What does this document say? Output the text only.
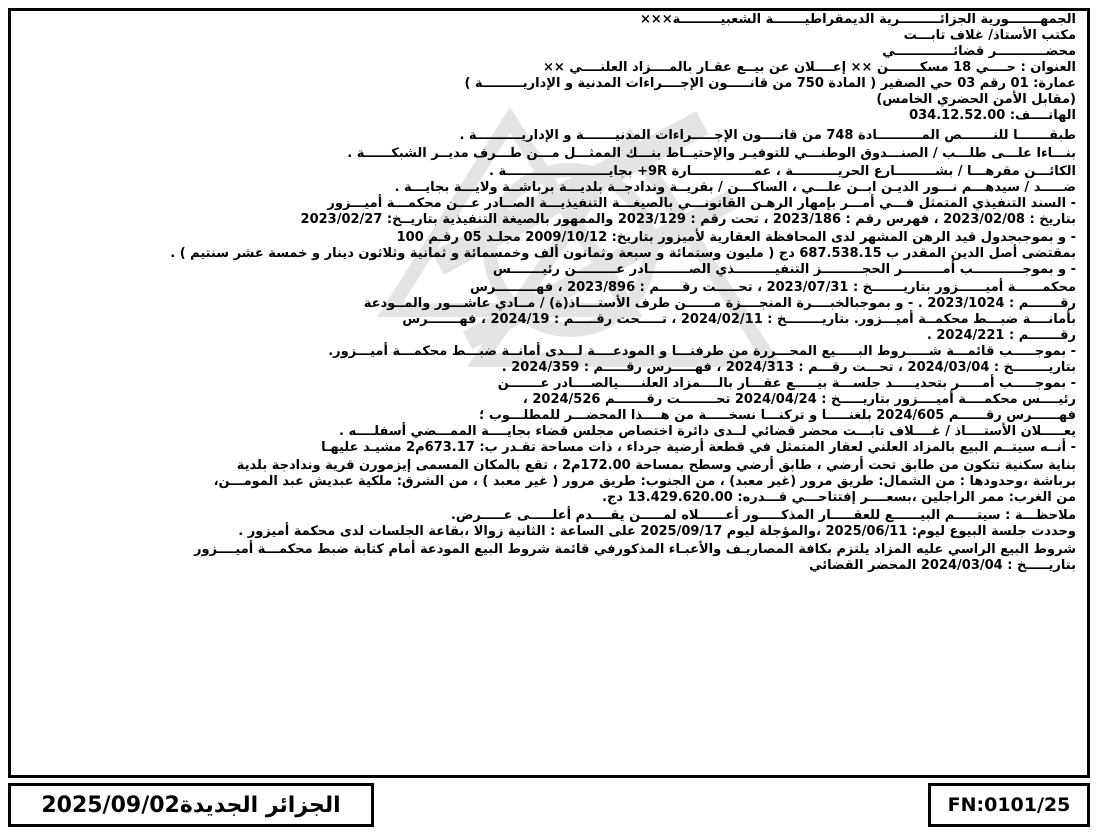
الجمهـــــــورية الجزائـــــــــرية الديمقراطيـــــــة الشعبيـــــــــة×××
مكتب الأستاذ/ غلاف تابـــت
محضـــــــــــر قضائـــــــــــــي
العنوان : حــــي 18 مسكـــــــن ×× إعــــلان عن بيــع عقـار بالمــــزاد العلنــــي ××
عمارة: 01 رقم 03 حي الصفير ( المادة 750 من قانـــــون الإجــــراءات المدنية و الإداريـــــــــة )
(مقابل الأمن الحضري الخامس)
الهاتــــف: 034.12.52.00
طبقـــــــا للنـــــــص المــــــــــادة 748 من قانــــون الإجـــــراءات المدنيـــــــة و الإداريــــــــــة .
بنـــاءا علـــى طلـــب / الصنـــدوق الوطنـــي للتوفيـر والإحتيــاط بنـــك الممثـــل مـــن طـــرف مديــر الشبكــــــة .
الكائـــن مقرهـــا / بشـــــــــارع الحريــــــــــة ، عمــــــــــــــارة 9R+ بجايـــــــــــــــــــــــة .
ضـــــد / سيدهـــم نـــور الديـن ابــن علـــي ، الساكـــن / بقريــة وندادجــة بلديـــة برباشــة ولايـــة بجايـــة .
- السند التنفيذي المتمثل فـــي أمـــر بإمهار الرهـن القانونـــي بالصيغـــة التنفيذيـــة الصــادر عـــن محكمـــة أميـــزور
بتاريخ : 2023/02/08 ، فهرس رقم : 2023/186 ، تحت رقم : 2023/129 والممهور بالصيغة التنفيذية بتاريــخ: 2023/02/27
- و بموجبجدول قيد الرهن المشهر لدى المحافظة العقارية لأميزور بتاريخ: 2009/10/12 مجلـد 05 رقـم 100
بمقتضى أصل الدين المقدر ب 687.538.15 دج ( مليون وستمائة و سبعة وثمانون ألف وخمسمائة و ثمانية وثلاثون دينار و خمسة عشر سنتيم ) .
- و بموجـــــــــــب أمـــــــــر الحجـــــــــز التنفيـــــــــذي الصـــــــــادر عـــــــــن رئيـــــــس
محكمــــــة أميــــــزور بتاريـــــــخ : 2023/07/31 ، تحـــــت رقـــــم : 2023/896 ، فهـــــــــرس
رقـــــــم : 2023/1024 . - و بموجبالخبــــرة المنجــــزة مــــــن طرف الأستــــاذ(ة) / مــادي عاشـــور والمــودعة
بأمانــــة ضبـــط محكمــة أميـــزور. بتاريــــــــخ : 2024/02/11 ، تـــــحت رقـــــم : 2024/19 ، فهـــــــرس
رقـــــــم : 2024/221 .
- بموجـــــب قائمـــة شـــــروط البـــــيع المحـــررة من طرفنـــا و المودعــــة لـــدى أمانــة ضبـــط محكمـــة أميـــزور.
بتاريــــــــخ : 2024/03/04 ، تحـــت رقـــم : 2024/313 ، فهـــــرس رقـــــم : 2024/359 .
- بموجـــــب أمـــــر بتحديـــــد جلســـة بيـــــع عقـــار بالــــمزاد العلنـــــيالصــــادر عـــــــن
رئيــــس محكمــــة أميــــزور بتاريـــــخ : 2024/04/24 تحــــــــت رقـــــــم 2024/526 ،
فهــــــرس رقــــــم 2024/605 بلغنـــــا و تركنـــا نسخـــــة من هــــذا المحضـــر للمطلـــوب ؛
يعـــــلان الأستــــاذ / غــــلاف تابـــت محضر قضائي لــدى دائرة اختصاص مجلس قضاء بجايــــة الممـــضي أسفلــــه .
- أنــه سيتــم البيع بالمزاد العلني لعقار المتمثل في قطعة أرضية جرداء ، ذات مساحة تقـدر ب: 673.17م2 مشيـد عليهـا
بناية سكنية تتكون من طابق تحت أرضي ، طابق أرضي وسطح بمساحة 172.00م2 ، تقع بالمكان المسمى إيزمورن قرية وندادجة بلدية
برباشة ،وحدودها : من الشمال: طريق مرور (غير معبد) ، من الجنوب: طريق مرور ( غير معبد ) ، من الشرق: ملكية عبديش عبد المومـــن،
من الغرب: ممر الراجلين ،بسعــــر إفتتاحـــي قـــدره: 13.429.620.00 دج.
ملاحظـــة : سيتـــــم البيــــــع للعقـــــار المذكـــــور أعــــــلاه لمـــــن يقــــدم أعلـــــى عـــــرض.
وحددت جلسة البيوع ليوم: 2025/06/11 ،والمؤجلة ليوم 2025/09/17 على الساعة : الثانية زوالا ،بقاعة الجلسات لدى محكمة أميزور .
شروط البيع الراسي عليه المزاد يلتزم بكافة المصاريـف والأعبـاء المذكورفي قائمة شروط البيع المودعة أمام كتابة ضبط محكمـــة أميــــزور
بتاريـــــخ : 2024/03/04 المحضر القضائي
الجزائر الجديدة2025/09/02	FN:0101/25
